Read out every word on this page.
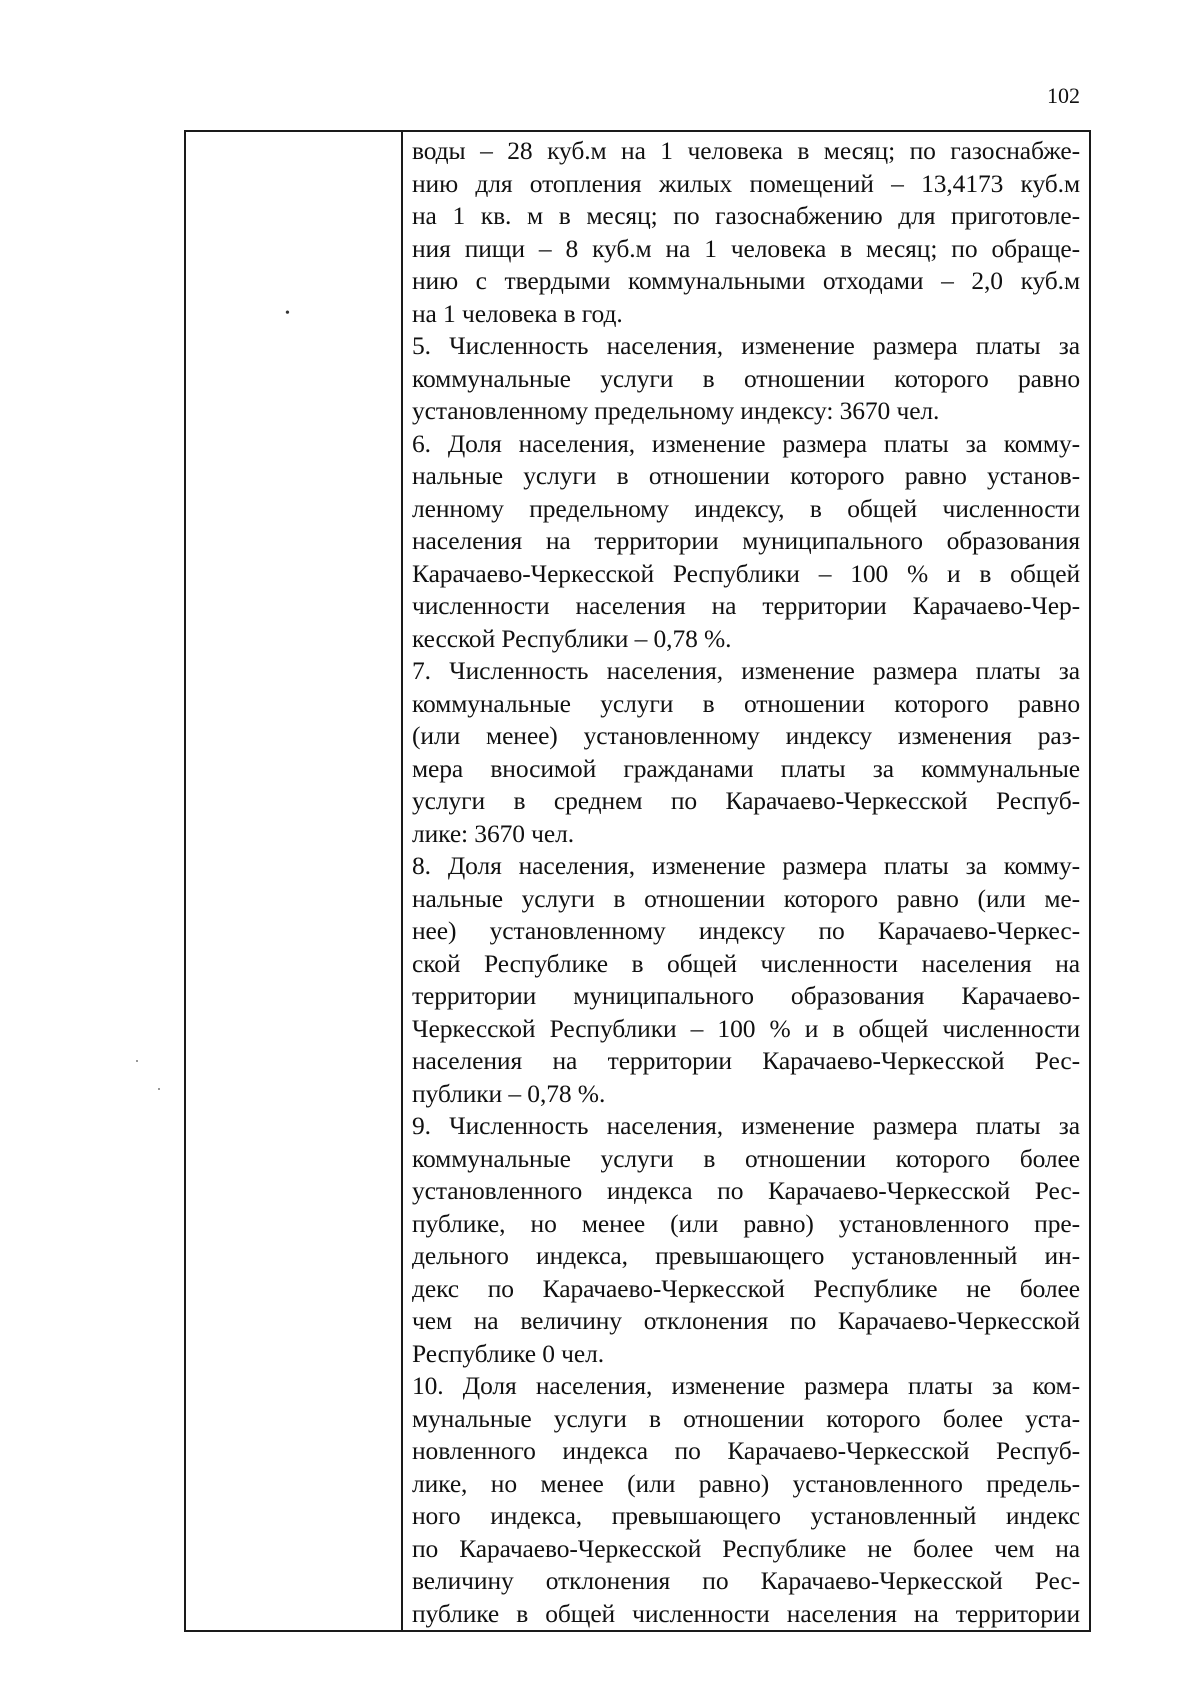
102
•
воды – 28 куб.м на 1 человека в месяц; по газоснабже-
нию для отопления жилых помещений – 13,4173 куб.м
на 1 кв. м в месяц; по газоснабжению для приготовле-
ния пищи – 8 куб.м на 1 человека в месяц; по обраще-
нию с твердыми коммунальными отходами – 2,0 куб.м
на 1 человека в год.
5. Численность населения, изменение размера платы за
коммунальные услуги в отношении которого равно
установленному предельному индексу: 3670 чел.
6. Доля населения, изменение размера платы за комму-
нальные услуги в отношении которого равно установ-
ленному предельному индексу, в общей численности
населения на территории муниципального образования
Карачаево-Черкесской Республики – 100 % и в общей
численности населения на территории Карачаево-Чер-
кесской Республики – 0,78 %.
7. Численность населения, изменение размера платы за
коммунальные услуги в отношении которого равно
(или менее) установленному индексу изменения раз-
мера вносимой гражданами платы за коммунальные
услуги в среднем по Карачаево-Черкесской Респуб-
лике: 3670 чел.
8. Доля населения, изменение размера платы за комму-
нальные услуги в отношении которого равно (или ме-
нее) установленному индексу по Карачаево-Черкес-
ской Республике в общей численности населения на
территории муниципального образования Карачаево-
Черкесской Республики – 100 % и в общей численности
населения на территории Карачаево-Черкесской Рес-
публики – 0,78 %.
9. Численность населения, изменение размера платы за
коммунальные услуги в отношении которого более
установленного индекса по Карачаево-Черкесской Рес-
публике, но менее (или равно) установленного пре-
дельного индекса, превышающего установленный ин-
декс по Карачаево-Черкесской Республике не более
чем на величину отклонения по Карачаево-Черкесской
Республике 0 чел.
10. Доля населения, изменение размера платы за ком-
мунальные услуги в отношении которого более уста-
новленного индекса по Карачаево-Черкесской Респуб-
лике, но менее (или равно) установленного предель-
ного индекса, превышающего установленный индекс
по Карачаево-Черкесской Республике не более чем на
величину отклонения по Карачаево-Черкесской Рес-
публике в общей численности населения на территории
